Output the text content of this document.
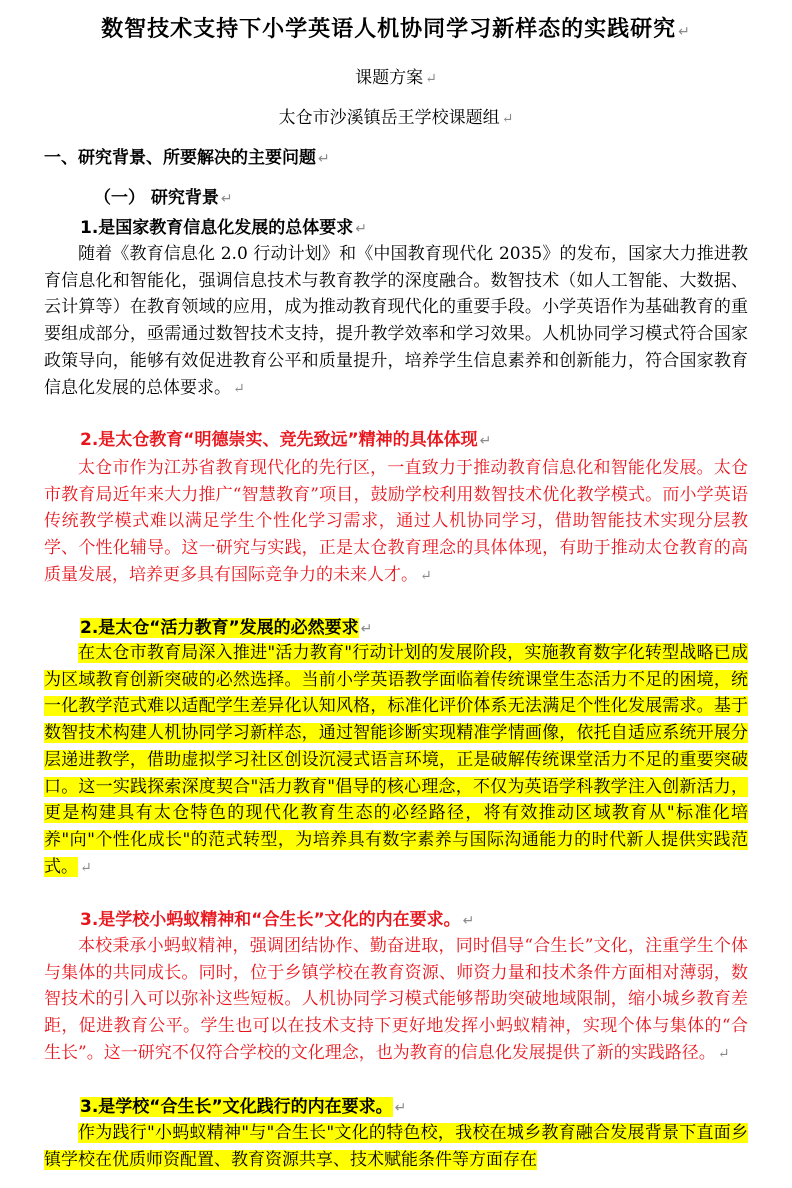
数智技术支持下小学英语人机协同学习新样态的实践研究 ↵
课题方案 ↵
太仓市沙溪镇岳王学校课题组 ↵
一、研究背景、所要解决的主要问题 ↵
（一） 研究背景 ↵
1.是国家教育信息化发展的总体要求 ↵

随着《教育信息化 2.0 行动计划》和《中国教育现代化 2035》的发布，国家大力推进教育信息化和智能化，强调信息技术与教育教学的深度融合。数智技术（如人工智能、大数据、云计算等）在教育领域的应用，成为推动教育现代化的重要手段。小学英语作为基础教育的重要组成部分，亟需通过数智技术支持，提升教学效率和学习效果。人机协同学习模式符合国家政策导向，能够有效促进教育公平和质量提升，培养学生信息素养和创新能力，符合国家教育信息化发展的总体要求。 ↵

2.是太仓教育“明德崇实、竞先致远”精神的具体体现 ↵

太仓市作为江苏省教育现代化的先行区，一直致力于推动教育信息化和智能化发展。太仓市教育局近年来大力推广“智慧教育”项目，鼓励学校利用数智技术优化教学模式。而小学英语传统教学模式难以满足学生个性化学习需求，通过人机协同学习，借助智能技术实现分层教学、个性化辅导。这一研究与实践，正是太仓教育理念的具体体现，有助于推动太仓教育的高质量发展，培养更多具有国际竞争力的未来人才。 ↵

2.是太仓“活力教育”发展的必然要求 ↵

在太仓市教育局深入推进"活力教育"行动计划的发展阶段，实施教育数字化转型战略已成为区域教育创新突破的必然选择。当前小学英语教学面临着传统课堂生态活力不足的困境，统一化教学范式难以适配学生差异化认知风格，标准化评价体系无法满足个性化发展需求。基于数智技术构建人机协同学习新样态，通过智能诊断实现精准学情画像，依托自适应系统开展分层递进教学，借助虚拟学习社区创设沉浸式语言环境，正是破解传统课堂活力不足的重要突破口。这一实践探索深度契合"活力教育"倡导的核心理念，不仅为英语学科教学注入创新活力，更是构建具有太仓特色的现代化教育生态的必经路径，将有效推动区域教育从"标准化培养"向"个性化成长"的范式转型，为培养具有数字素养与国际沟通能力的时代新人提供实践范式。 ↵

3.是学校小蚂蚁精神和“合生长”文化的内在要求。 ↵

本校秉承小蚂蚁精神，强调团结协作、勤奋进取，同时倡导“合生长”文化，注重学生个体与集体的共同成长。同时，位于乡镇学校在教育资源、师资力量和技术条件方面相对薄弱，数智技术的引入可以弥补这些短板。人机协同学习模式能够帮助突破地域限制，缩小城乡教育差距，促进教育公平。学生也可以在技术支持下更好地发挥小蚂蚁精神，实现个体与集体的“合生长”。这一研究不仅符合学校的文化理念，也为教育的信息化发展提供了新的实践路径。 ↵

3.是学校“合生长”文化践行的内在要求。 ↵

作为践行"小蚂蚁精神"与"合生长"文化的特色校，我校在城乡教育融合发展背景下直面乡镇学校在优质师资配置、教育资源共享、技术赋能条件等方面存在
